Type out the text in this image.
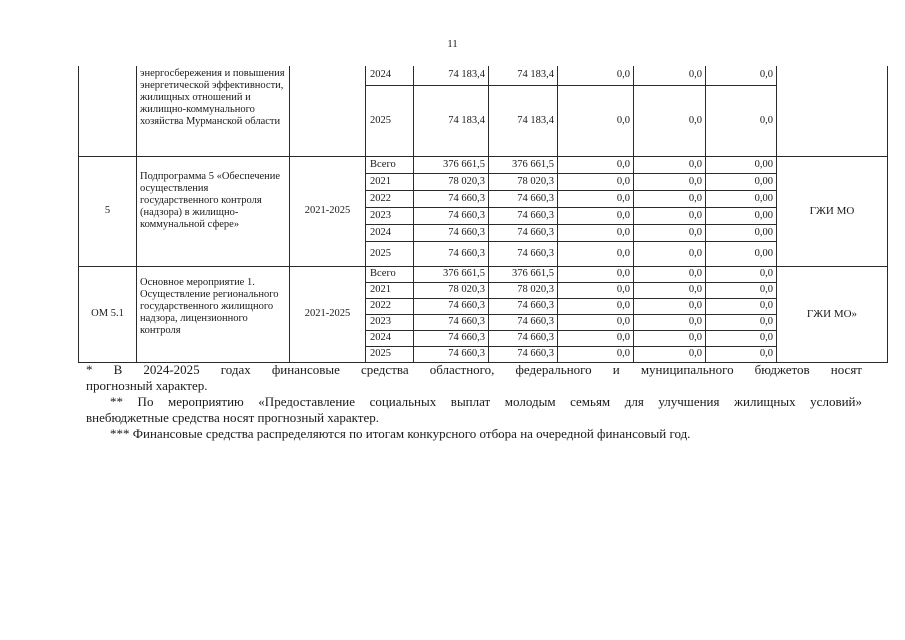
11
	энергосбережения и повышения энергетической эффективности, жилищных отношений и жилищно-коммунального хозяйства Мурманской области		2024	74 183,4	74 183,4	0,0	0,0	0,0	
			2025	74 183,4	74 183,4	0,0	0,0	0,0	
5	Подпрограмма 5 «Обеспечение осуществления государственного контроля (надзора) в жилищно-коммунальной сфере»	2021-2025	Всего	376 661,5	376 661,5	0,0	0,0	0,00	ГЖИ МО
			2021	78 020,3	78 020,3	0,0	0,0	0,00	
			2022	74 660,3	74 660,3	0,0	0,0	0,00	
			2023	74 660,3	74 660,3	0,0	0,0	0,00	
			2024	74 660,3	74 660,3	0,0	0,0	0,00	
			2025	74 660,3	74 660,3	0,0	0,0	0,00	
ОМ 5.1	Основное мероприятие 1. Осуществление регионального государственного жилищного надзора, лицензионного контроля	2021-2025	Всего	376 661,5	376 661,5	0,0	0,0	0,0	ГЖИ МО»
			2021	78 020,3	78 020,3	0,0	0,0	0,0	
			2022	74 660,3	74 660,3	0,0	0,0	0,0	
			2023	74 660,3	74 660,3	0,0	0,0	0,0	
			2024	74 660,3	74 660,3	0,0	0,0	0,0	
			2025	74 660,3	74 660,3	0,0	0,0	0,0	

* В 2024-2025 годах финансовые средства областного, федерального и муниципального бюджетов носят

прогнозный характер.

** По мероприятию «Предоставление социальных выплат молодым семьям для улучшения жилищных условий»

внебюджетные средства носят прогнозный характер.

*** Финансовые средства распределяются по итогам конкурсного отбора на очередной финансовый год.
